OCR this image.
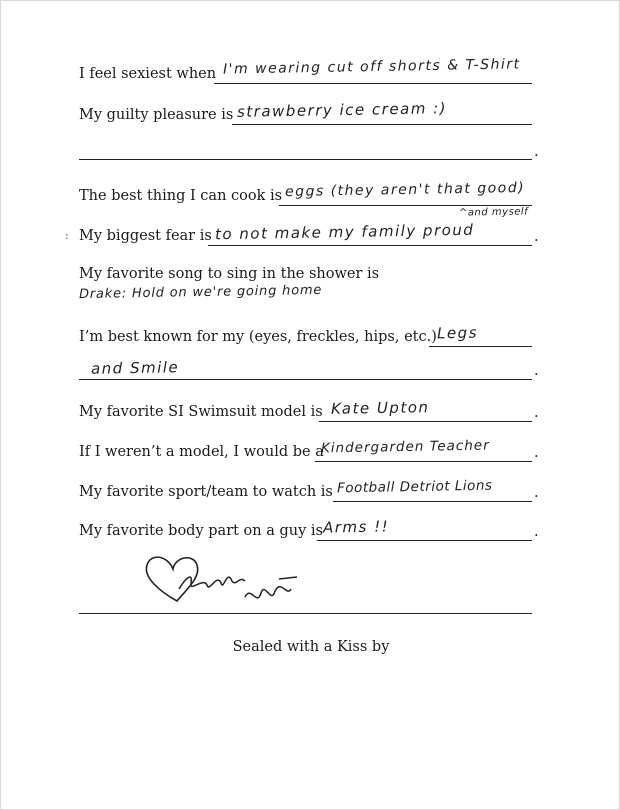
I feel sexiest when I'm wearing cut off shorts & T-Shirt
My guilty pleasure is strawberry ice cream :)
.
The best thing I can cook is eggs (they aren't that good)
: My biggest fear is to not make my family proud
^and myself
.
My favorite song to sing in the shower is
Drake: Hold on we're going home
I’m best known for my (eyes, freckles, hips, etc.) Legs
and Smile	.
My favorite SI Swimsuit model is Kate Upton	.
If I weren’t a model, I would be a
Kindergarden Teacher	.
My favorite sport/team to watch is Football Detriot Lions	.
My favorite body part on a guy is Arms !!	.
Sealed with a Kiss by
